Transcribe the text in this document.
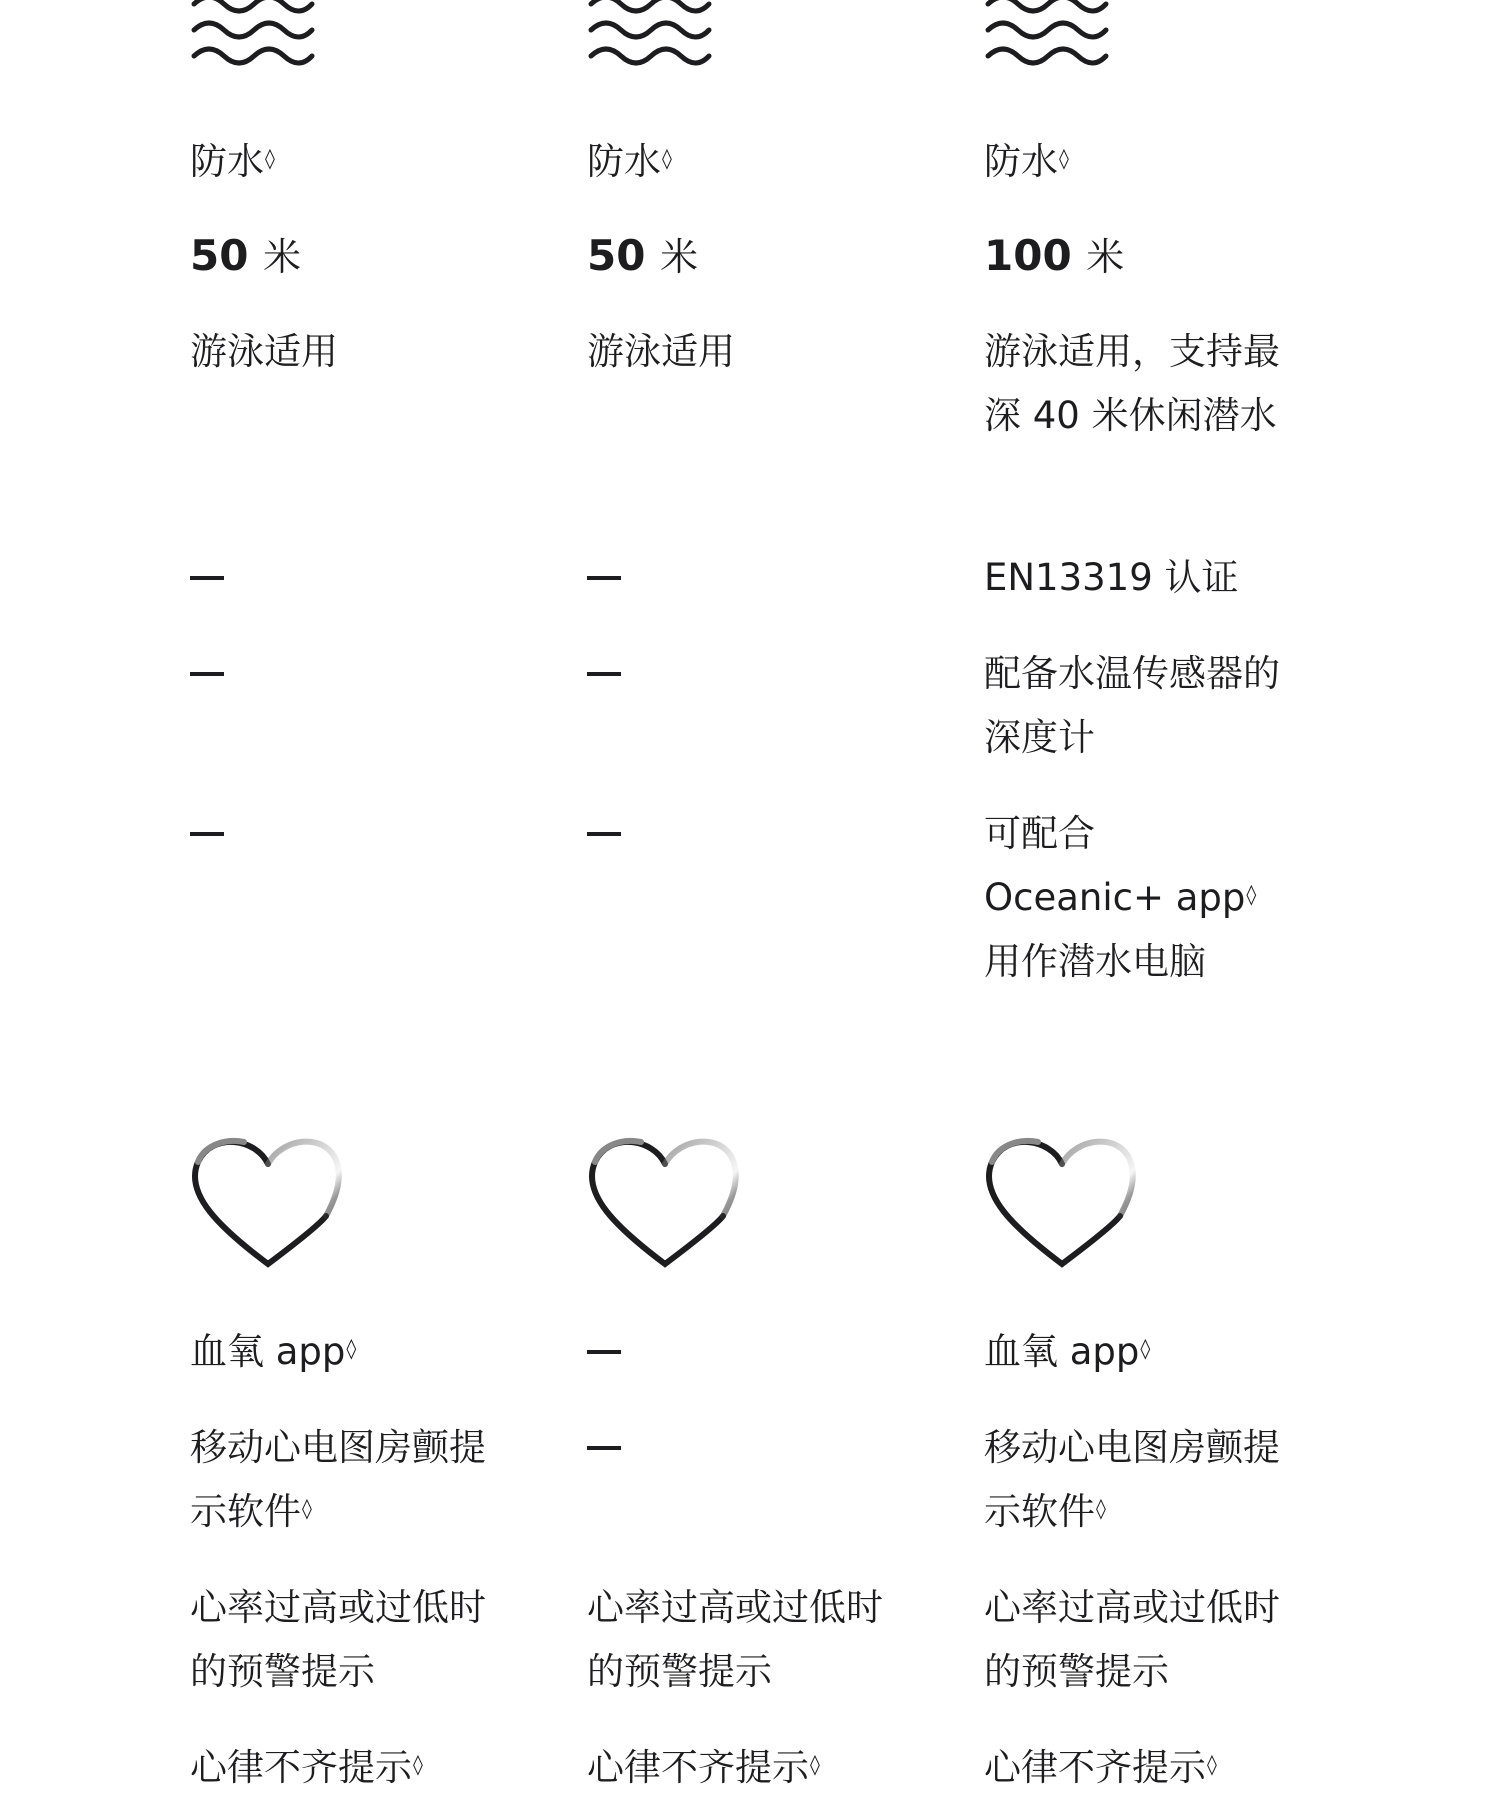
防水◊
50 米
游泳适用
血氧 app◊
移动心电图房颤提示软件◊
心率过高或过低时的预警提示
心律不齐提示◊
防水◊
50 米
游泳适用
心率过高或过低时的预警提示
心律不齐提示◊
防水◊
100 米
游泳适用，支持最深 40 米休闲潜水
EN13319 认证
配备水温传感器的深度计
可配合
Oceanic+ app◊
用作潜水电脑
血氧 app◊
移动心电图房颤提示软件◊
心率过高或过低时的预警提示
心律不齐提示◊
